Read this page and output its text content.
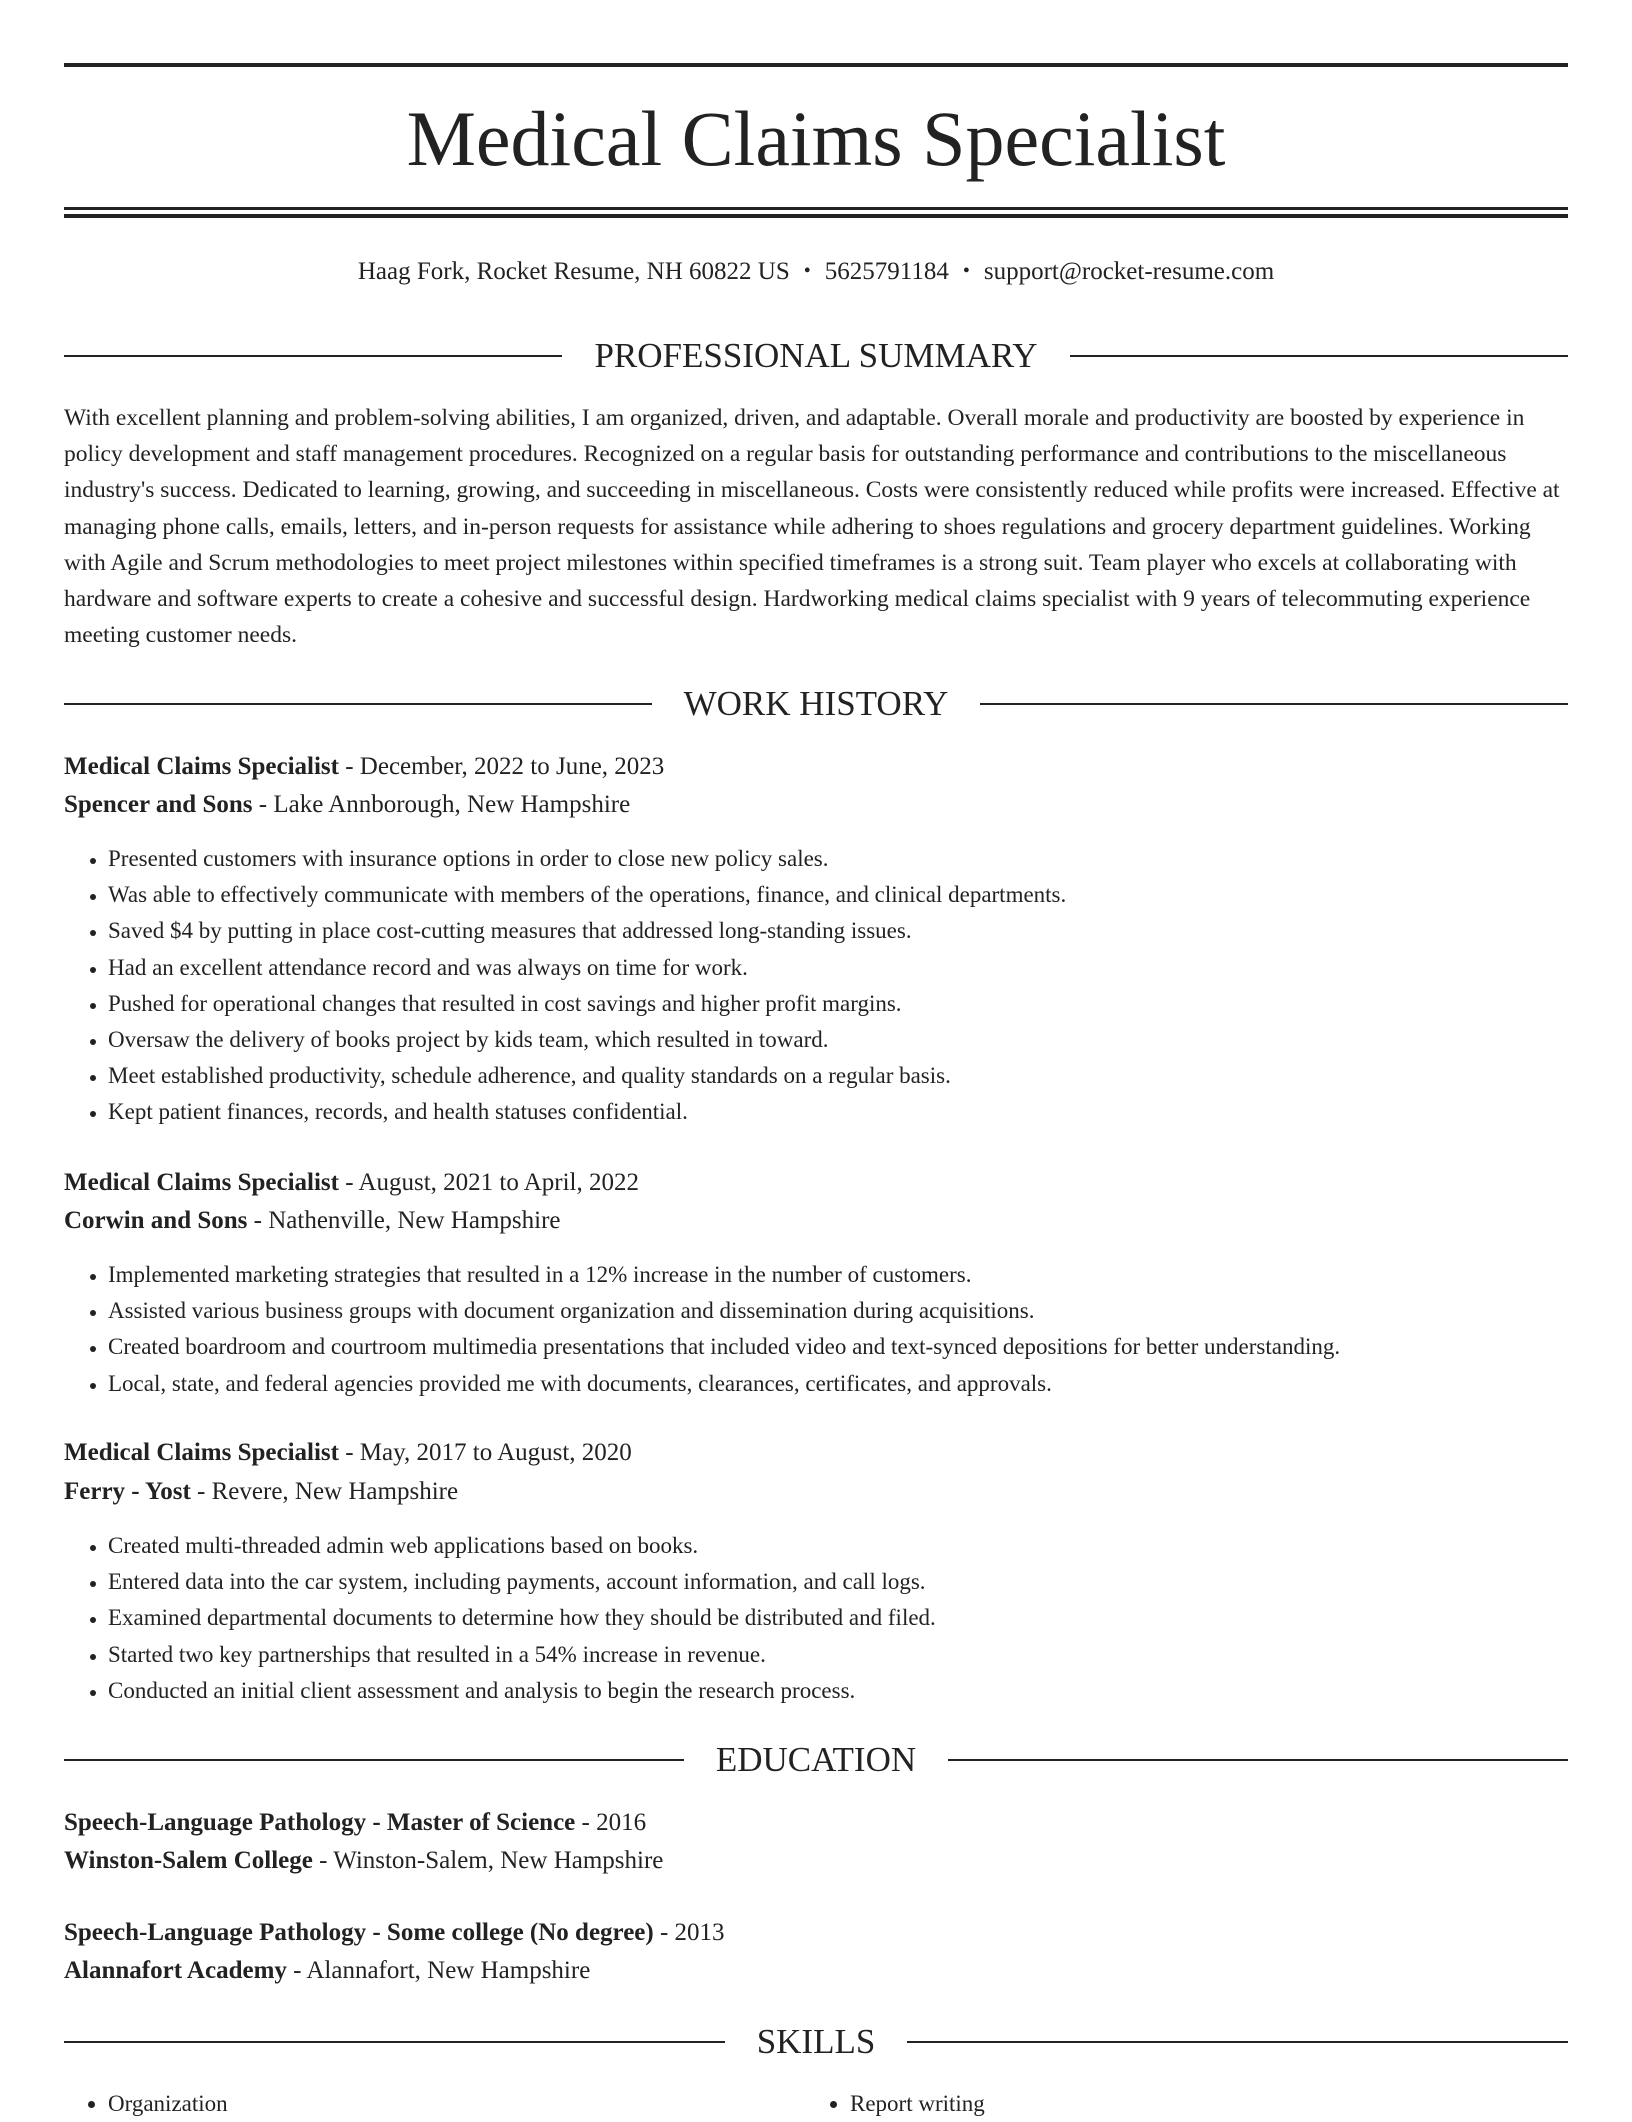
Medical Claims Specialist
Haag Fork, Rocket Resume, NH 60822 US • 5625791184 • support@rocket-resume.com
PROFESSIONAL SUMMARY

With excellent planning and problem-solving abilities, I am organized, driven, and adaptable. Overall morale and productivity are boosted by experience in policy development and staff management procedures. Recognized on a regular basis for outstanding performance and contributions to the miscellaneous industry's success. Dedicated to learning, growing, and succeeding in miscellaneous. Costs were consistently reduced while profits were increased. Effective at managing phone calls, emails, letters, and in-person requests for assistance while adhering to shoes regulations and grocery department guidelines. Working with Agile and Scrum methodologies to meet project milestones within specified timeframes is a strong suit. Team player who excels at collaborating with hardware and software experts to create a cohesive and successful design. Hardworking medical claims specialist with 9 years of telecommuting experience meeting customer needs.

WORK HISTORY
Medical Claims Specialist - December, 2022 to June, 2023
Spencer and Sons - Lake Annborough, New Hampshire
• Presented customers with insurance options in order to close new policy sales.
• Was able to effectively communicate with members of the operations, finance, and clinical departments.
• Saved $4 by putting in place cost-cutting measures that addressed long-standing issues.
• Had an excellent attendance record and was always on time for work.
• Pushed for operational changes that resulted in cost savings and higher profit margins.
• Oversaw the delivery of books project by kids team, which resulted in toward.
• Meet established productivity, schedule adherence, and quality standards on a regular basis.
• Kept patient finances, records, and health statuses confidential.
Medical Claims Specialist - August, 2021 to April, 2022
Corwin and Sons - Nathenville, New Hampshire
• Implemented marketing strategies that resulted in a 12% increase in the number of customers.
• Assisted various business groups with document organization and dissemination during acquisitions.
• Created boardroom and courtroom multimedia presentations that included video and text-synced depositions for better understanding.
• Local, state, and federal agencies provided me with documents, clearances, certificates, and approvals.
Medical Claims Specialist - May, 2017 to August, 2020
Ferry - Yost - Revere, New Hampshire
• Created multi-threaded admin web applications based on books.
• Entered data into the car system, including payments, account information, and call logs.
• Examined departmental documents to determine how they should be distributed and filed.
• Started two key partnerships that resulted in a 54% increase in revenue.
• Conducted an initial client assessment and analysis to begin the research process.
EDUCATION
Speech-Language Pathology - Master of Science - 2016
Winston-Salem College - Winston-Salem, New Hampshire
Speech-Language Pathology - Some college (No degree) - 2013
Alannafort Academy - Alannafort, New Hampshire
SKILLS
• Organization
•	Report writing
